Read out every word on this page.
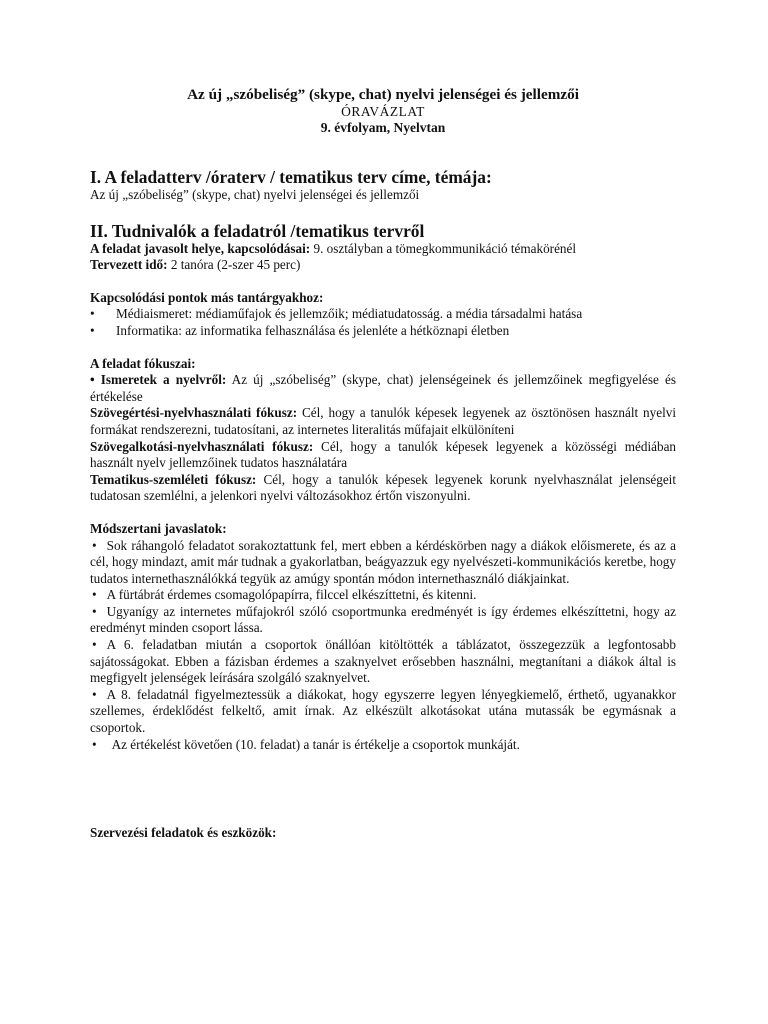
Az új „szóbeliség” (skype, chat) nyelvi jelenségei és jellemzői
ÓRAVÁZLAT
9. évfolyam, Nyelvtan
I. A feladatterv /óraterv / tematikus terv címe, témája:

Az új „szóbeliség” (skype, chat) nyelvi jelenségei és jellemzői

II. Tudnivalók a feladatról /tematikus tervről

A feladat javasolt helye, kapcsolódásai: 9. osztályban a tömegkommunikáció témakörénél

Tervezett idő: 2 tanóra (2-szer 45 perc)

Kapcsolódási pontok más tantárgyakhoz:

• Médiaismeret: médiaműfajok és jellemzőik; médiatudatosság. a média társadalmi hatása
• Informatika: az informatika felhasználása és jelenléte a hétköznapi életben

A feladat fókuszai:

• Ismeretek a nyelvről: Az új „szóbeliség” (skype, chat) jelenségeinek és jellemzőinek megfigyelése és értékelése

Szövegértési-nyelvhasználati fókusz: Cél, hogy a tanulók képesek legyenek az ösztönösen használt nyelvi formákat rendszerezni, tudatosítani, az internetes literalitás műfajait elkülöníteni

Szövegalkotási-nyelvhasználati fókusz: Cél, hogy a tanulók képesek legyenek a közösségi médiában használt nyelv jellemzőinek tudatos használatára

Tematikus-szemléleti fókusz: Cél, hogy a tanulók képesek legyenek korunk nyelvhasználat jelenségeit tudatosan szemlélni, a jelenkori nyelvi változásokhoz értőn viszonyulni.

Módszertani javaslatok:

• Sok ráhangoló feladatot sorakoztattunk fel, mert ebben a kérdéskörben nagy a diákok előismerete, és az a cél, hogy mindazt, amit már tudnak a gyakorlatban, beágyazzuk egy nyelvészeti-kommunikációs keretbe, hogy tudatos internethasználókká tegyük az amúgy spontán módon internethasználó diákjainkat.

• A fürtábrát érdemes csomagolópapírra, filccel elkészíttetni, és kitenni.

• Ugyanígy az internetes műfajokról szóló csoportmunka eredményét is így érdemes elkészíttetni, hogy az eredményt minden csoport lássa.

• A 6. feladatban miután a csoportok önállóan kitöltötték a táblázatot, összegezzük a legfontosabb sajátosságokat. Ebben a fázisban érdemes a szaknyelvet erősebben használni, megtanítani a diákok által is megfigyelt jelenségek leírására szolgáló szaknyelvet.

• A 8. feladatnál figyelmeztessük a diákokat, hogy egyszerre legyen lényegkiemelő, érthető, ugyanakkor szellemes, érdeklődést felkeltő, amit írnak. Az elkészült alkotásokat utána mutassák be egymásnak a csoportok.

• Az értékelést követően (10. feladat) a tanár is értékelje a csoportok munkáját.

Szervezési feladatok és eszközök:
